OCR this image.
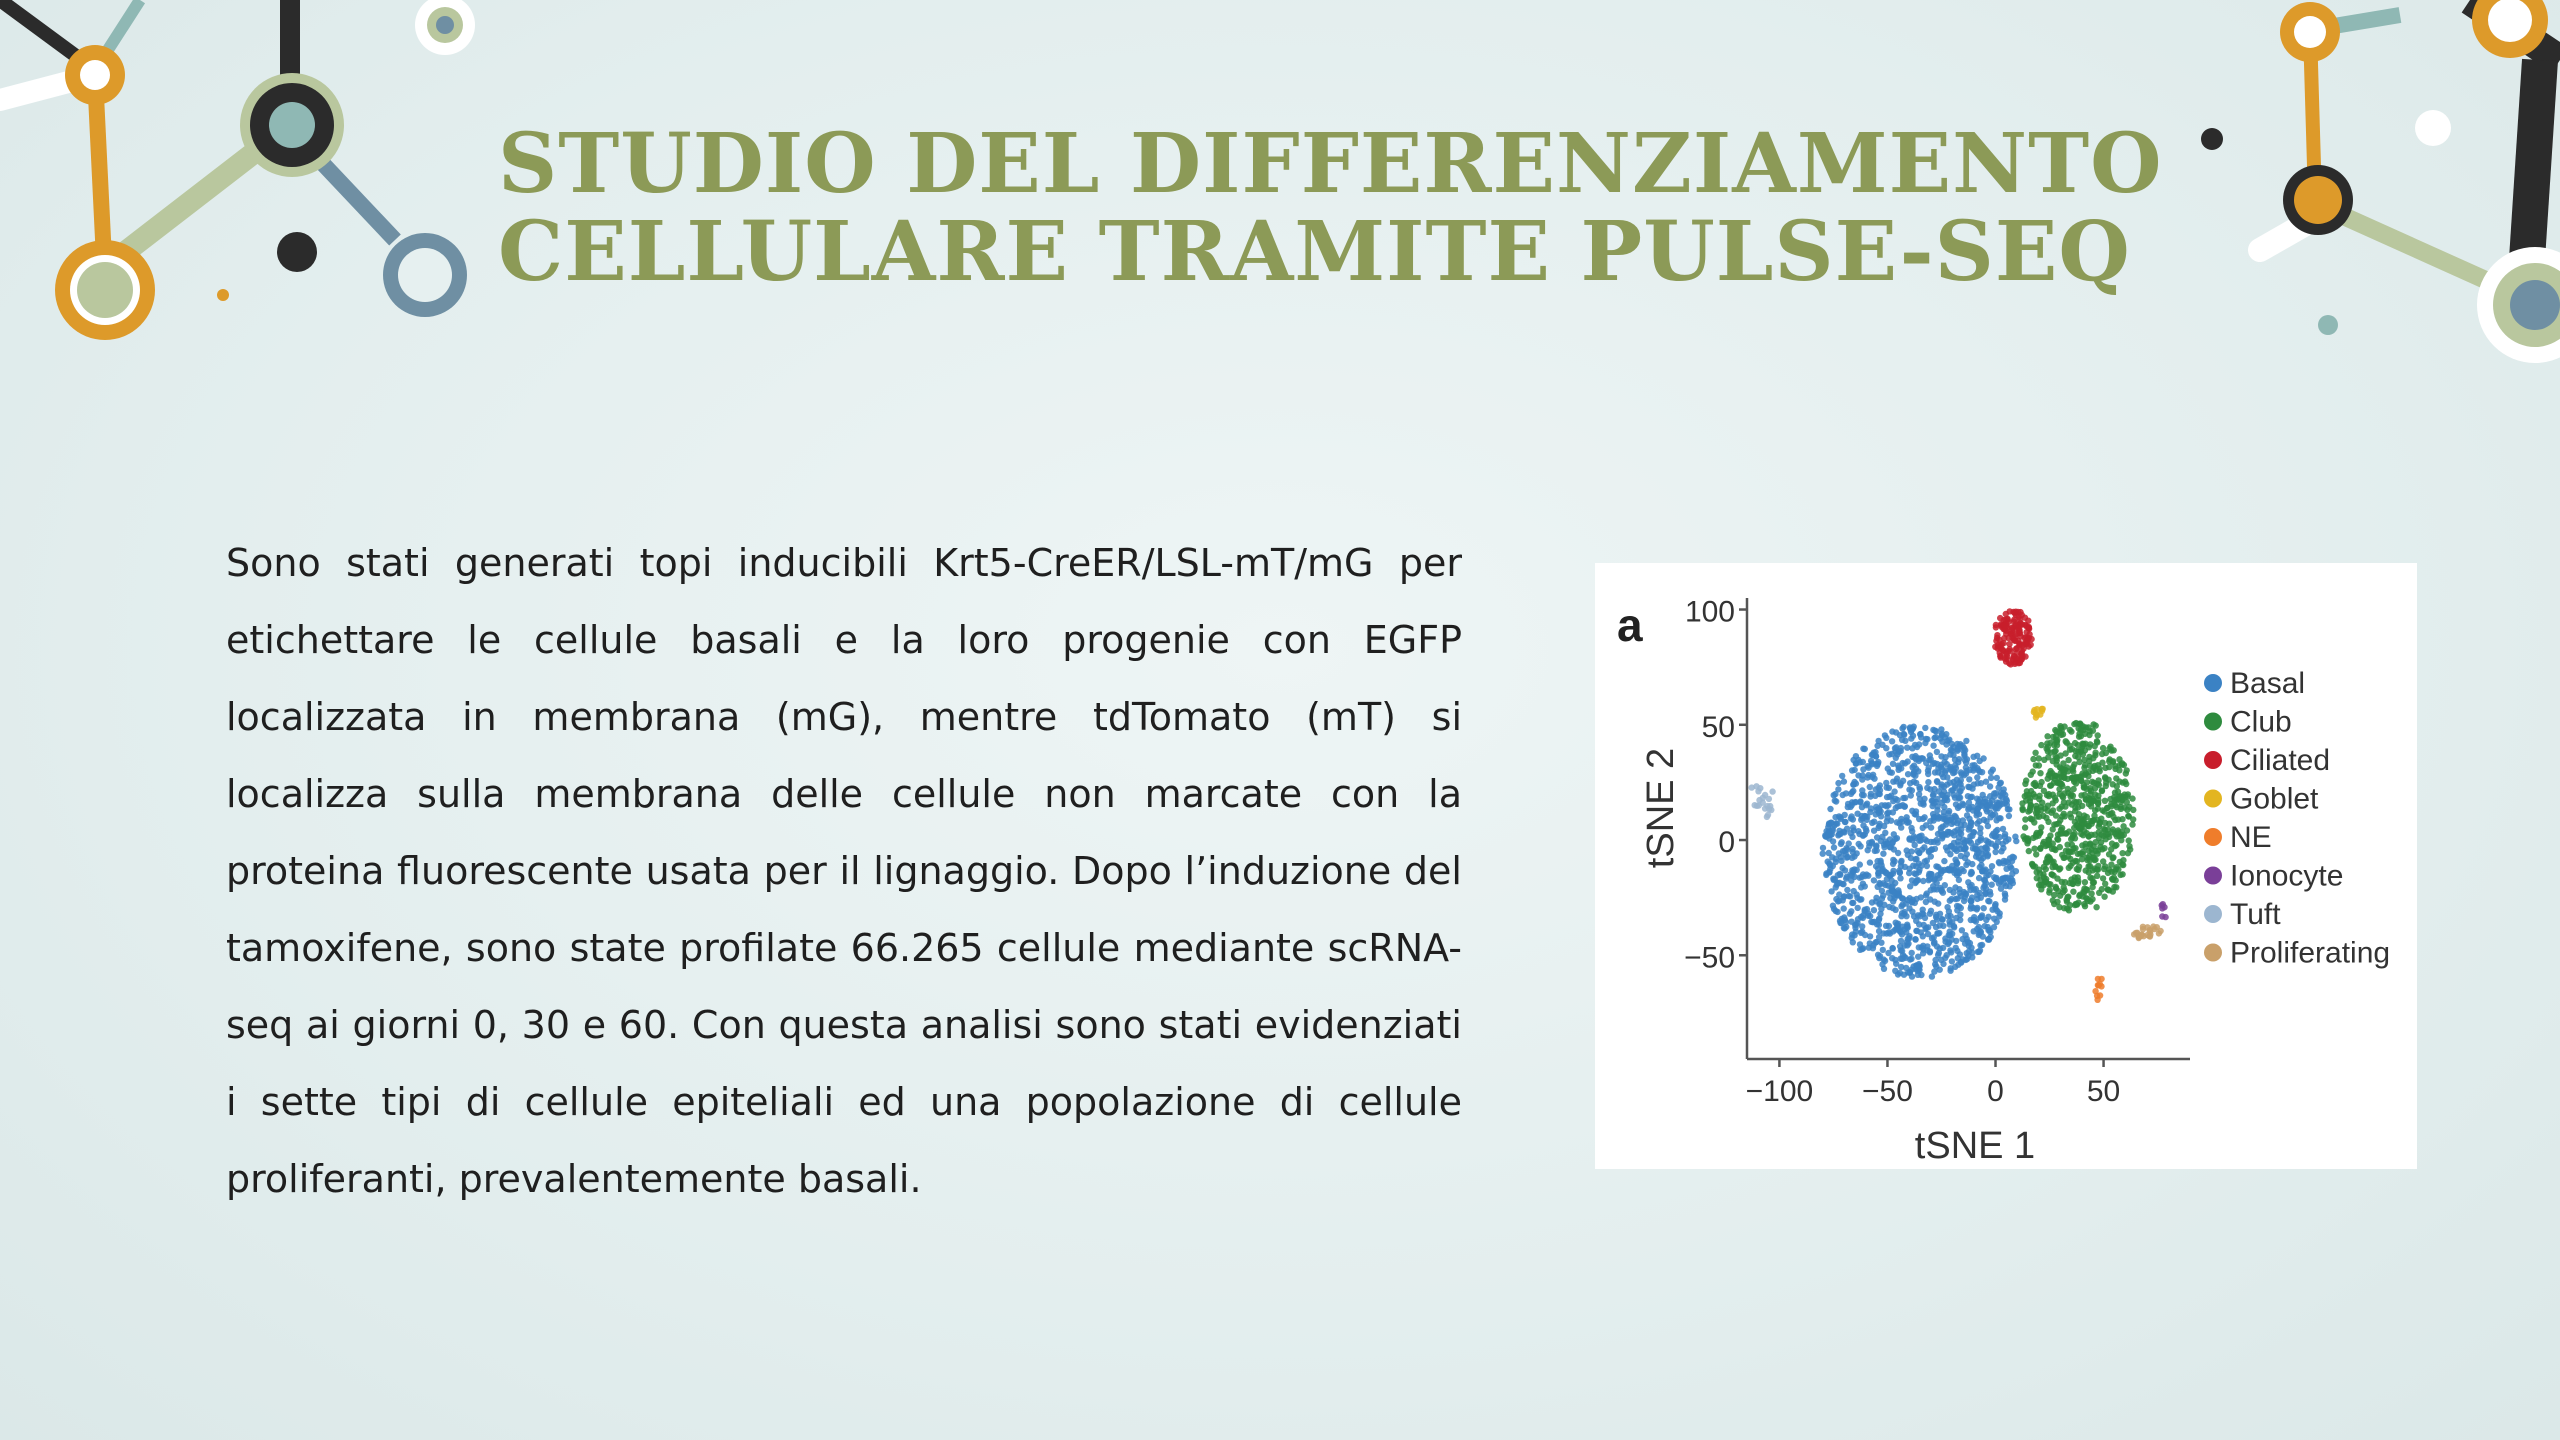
STUDIO DEL DIFFERENZIAMENTO
CELLULARE TRAMITE PULSE-SEQ
Sono stati generati topi inducibili Krt5-CreER/LSL-mT/mG per etichettare le cellule basali e la loro progenie con EGFP localizzata in membrana (mG), mentre tdTomato (mT) si localizza sulla membrana delle cellule non marcate con la proteina fluorescente usata per il lignaggio. Dopo l’induzione del tamoxifene, sono state profilate 66.265 cellule mediante scRNA-seq ai giorni 0, 30 e 60. Con questa analisi sono stati evidenziati i sette tipi di cellule epiteliali ed una popolazione di cellule proliferanti, prevalentemente basali.
100
50
0
−50
−100 −50 0	50
a
tSNE 2
tSNE 1
Basal
Club
Ciliated
Goblet
NE
Ionocyte
Tuft
Proliferating
